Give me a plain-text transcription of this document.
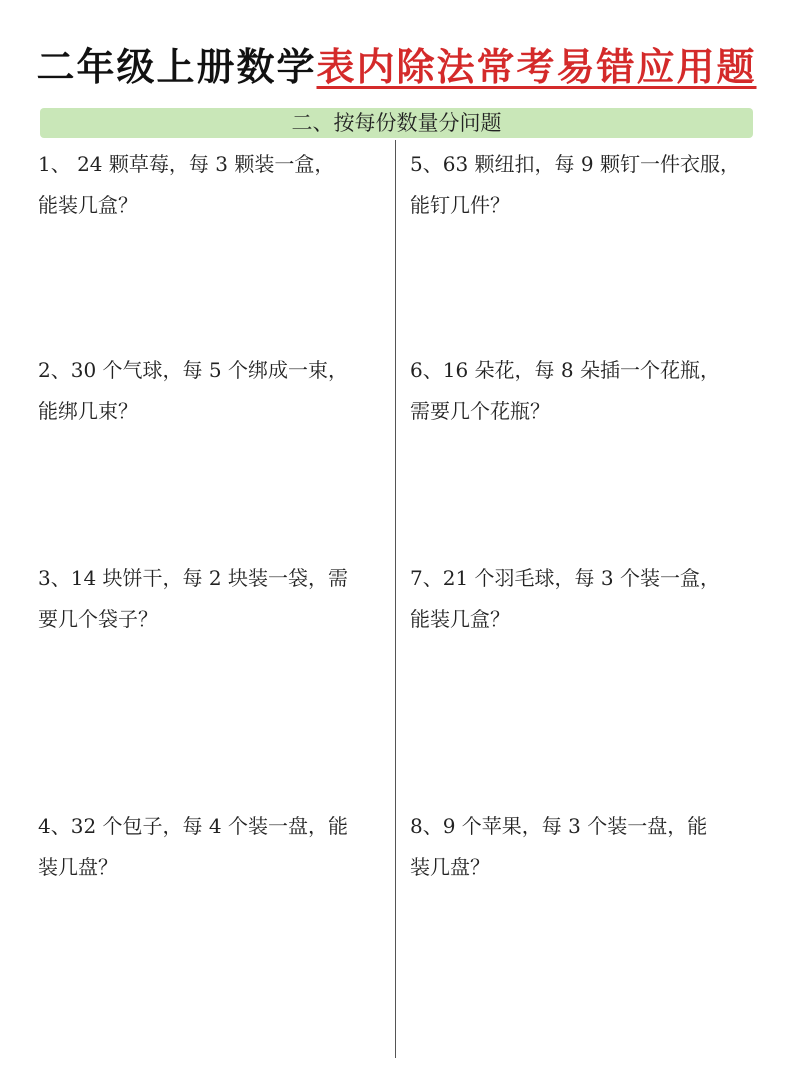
二年级上册数学表内除法常考易错应用题
二、按每份数量分问题
1、 24 颗草莓，每 3 颗装一盒，
能装几盒？
2、30 个气球，每 5 个绑成一束，
能绑几束？
3、14 块饼干，每 2 块装一袋，需
要几个袋子？
4、32 个包子，每 4 个装一盘，能
装几盘？
5、63 颗纽扣，每 9 颗钉一件衣服，
能钉几件？
6、16 朵花，每 8 朵插一个花瓶，
需要几个花瓶？
7、21 个羽毛球，每 3 个装一盒，
能装几盒？
8、9 个苹果，每 3 个装一盘，能
装几盘？
